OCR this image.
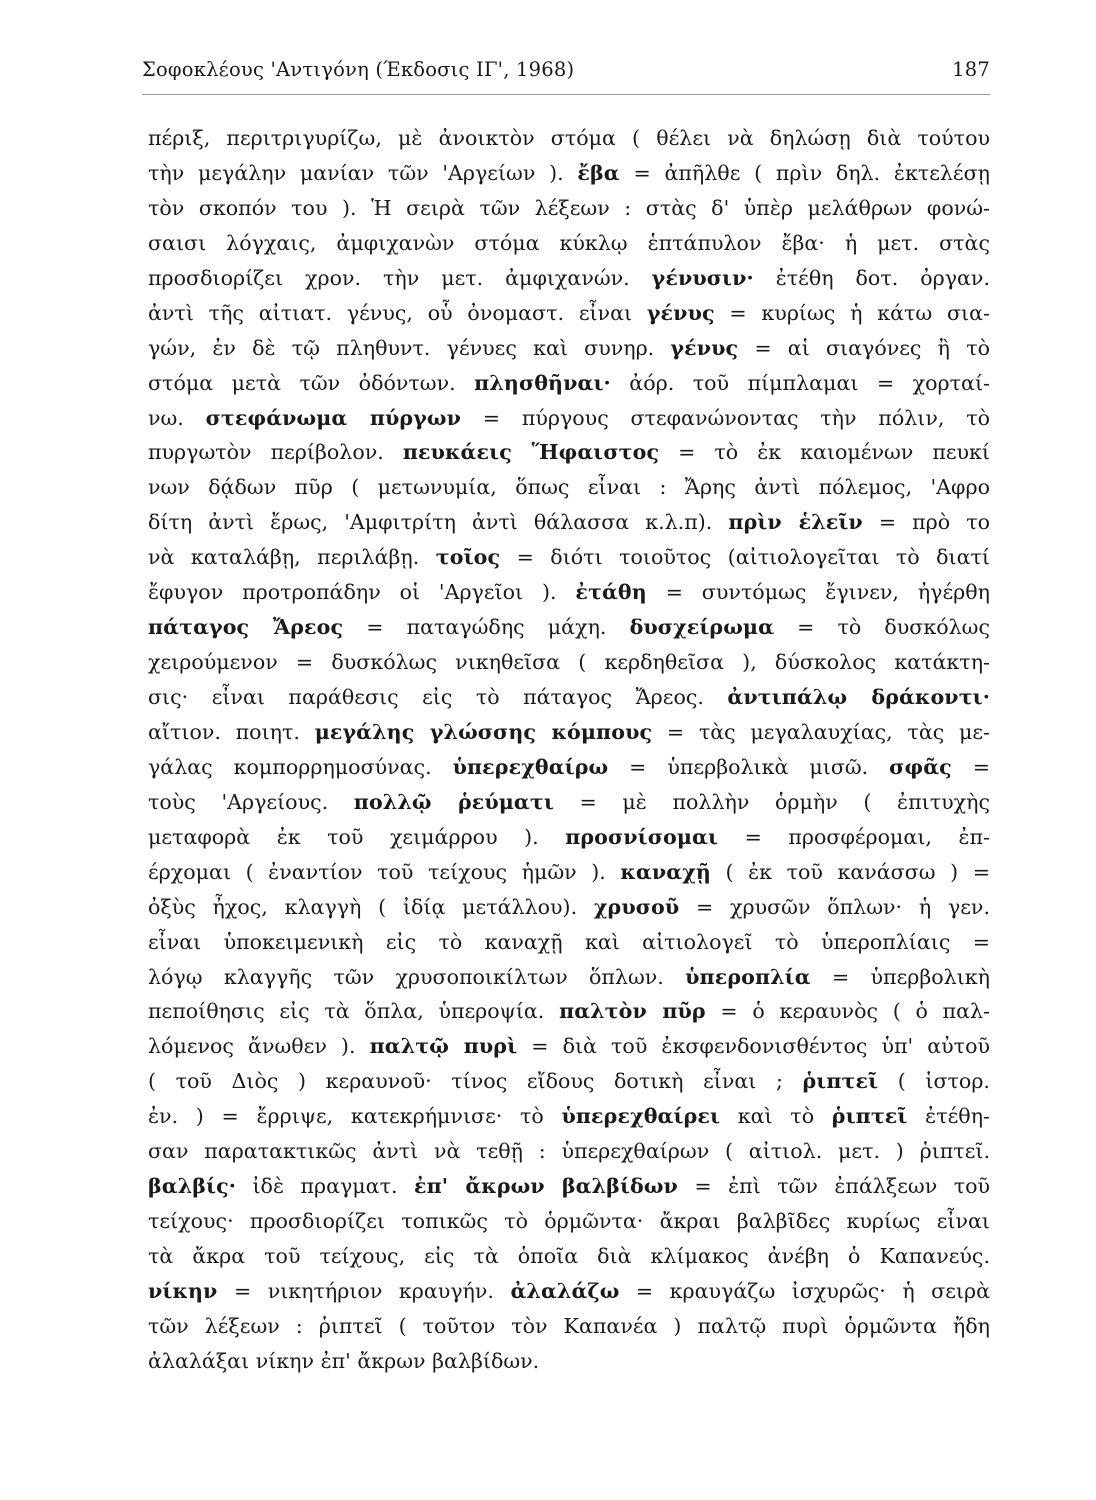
Σοφοκλέους 'Αντιγόνη (Έκδοσις ΙΓ', 1968)	187
πέριξ, περιτριγυρίζω, μὲ ἀνοικτὸν στόμα ( θέλει νὰ δηλώσῃ διὰ τούτου
τὴν μεγάλην μανίαν τῶν 'Αργείων ). ἔβα = ἀπῆλθε ( πρὶν δηλ. ἐκτελέσῃ
τὸν σκοπόν του ). Ἡ σειρὰ τῶν λέξεων : στὰς δ' ὑπὲρ μελάθρων φονώ-
σαισι λόγχαις, ἀμφιχανὼν στόμα κύκλῳ ἑπτάπυλον ἔβα· ἡ μετ. στὰς
προσδιορίζει χρον. τὴν μετ. ἀμφιχανών. γένυσιν· ἐτέθη δοτ. ὀργαν.
ἀντὶ τῆς αἰτιατ. γένυς, οὗ ὀνομαστ. εἶναι γένυς = κυρίως ἡ κάτω σια-
γών, ἐν δὲ τῷ πληθυντ. γένυες καὶ συνηρ. γένυς = αἱ σιαγόνες ἢ τὸ
στόμα μετὰ τῶν ὀδόντων. πλησθῆναι· ἀόρ. τοῦ πίμπλαμαι = χορταί-
νω. στεφάνωμα πύργων = πύργους στεφανώνοντας τὴν πόλιν, τὸ
πυργωτὸν περίβολον. πευκάεις Ἥφαιστος = τὸ ἐκ καιομένων πευκί
νων δᾴδων πῦρ ( μετωνυμία, ὅπως εἶναι : Ἄρης ἀντὶ πόλεμος, 'Αφρο
δίτη ἀντὶ ἔρως, 'Αμφιτρίτη ἀντὶ θάλασσα κ.λ.π). πρὶν ἑλεῖν = πρὸ το
νὰ καταλάβῃ, περιλάβῃ. τοῖος = διότι τοιοῦτος (αἰτιολογεῖται τὸ διατί
ἔφυγον προτροπάδην οἱ 'Αργεῖοι ). ἐτάθη = συντόμως ἔγινεν, ἠγέρθη
πάταγος Ἄρεος = παταγώδης μάχη. δυσχείρωμα = τὸ δυσκόλως
χειρούμενον = δυσκόλως νικηθεῖσα ( κερδηθεῖσα ), δύσκολος κατάκτη-
σις· εἶναι παράθεσις εἰς τὸ πάταγος Ἄρεος. ἀντιπάλῳ δράκοντι·
αἴτιον. ποιητ. μεγάλης γλώσσης κόμπους = τὰς μεγαλαυχίας, τὰς με-
γάλας κομπορρημοσύνας. ὑπερεχθαίρω = ὑπερβολικὰ μισῶ. σφᾶς =
τοὺς 'Αργείους. πολλῷ ῥεύματι = μὲ πολλὴν ὁρμὴν ( ἐπιτυχὴς
μεταφορὰ ἐκ τοῦ χειμάρρου ). προσνίσομαι = προσφέρομαι, ἐπ-
έρχομαι ( ἐναντίον τοῦ τείχους ἡμῶν ). καναχῇ ( ἐκ τοῦ κανάσσω ) =
ὀξὺς ἦχος, κλαγγὴ ( ἰδίᾳ μετάλλου). χρυσοῦ = χρυσῶν ὅπλων· ἡ γεν.
εἶναι ὑποκειμενικὴ εἰς τὸ καναχῇ καὶ αἰτιολογεῖ τὸ ὑπεροπλίαις =
λόγῳ κλαγγῆς τῶν χρυσοποικίλτων ὅπλων. ὑπεροπλία = ὑπερβολικὴ
πεποίθησις εἰς τὰ ὅπλα, ὑπεροψία. παλτὸν πῦρ = ὁ κεραυνὸς ( ὁ παλ-
λόμενος ἄνωθεν ). παλτῷ πυρὶ = διὰ τοῦ ἐκσφενδονισθέντος ὑπ' αὐτοῦ
( τοῦ Διὸς ) κεραυνοῦ· τίνος εἴδους δοτικὴ εἶναι ; ῥιπτεῖ ( ἱστορ.
ἐν. ) = ἔρριψε, κατεκρήμνισε· τὸ ὑπερεχθαίρει καὶ τὸ ῥιπτεῖ ἐτέθη-
σαν παρατακτικῶς ἀντὶ νὰ τεθῇ : ὑπερεχθαίρων ( αἰτιολ. μετ. ) ῥιπτεῖ.
βαλβίς· ἰδὲ πραγματ. ἐπ' ἄκρων βαλβίδων = ἐπὶ τῶν ἐπάλξεων τοῦ
τείχους· προσδιορίζει τοπικῶς τὸ ὁρμῶντα· ἄκραι βαλβῖδες κυρίως εἶναι
τὰ ἄκρα τοῦ τείχους, εἰς τὰ ὁποῖα διὰ κλίμακος ἀνέβη ὁ Καπανεύς.
νίκην = νικητήριον κραυγήν. ἀλαλάζω = κραυγάζω ἰσχυρῶς· ἡ σειρὰ
τῶν λέξεων : ῥιπτεῖ ( τοῦτον τὸν Καπανέα ) παλτῷ πυρὶ ὁρμῶντα ἤδη
ἀλαλάξαι νίκην ἐπ' ἄκρων βαλβίδων.
